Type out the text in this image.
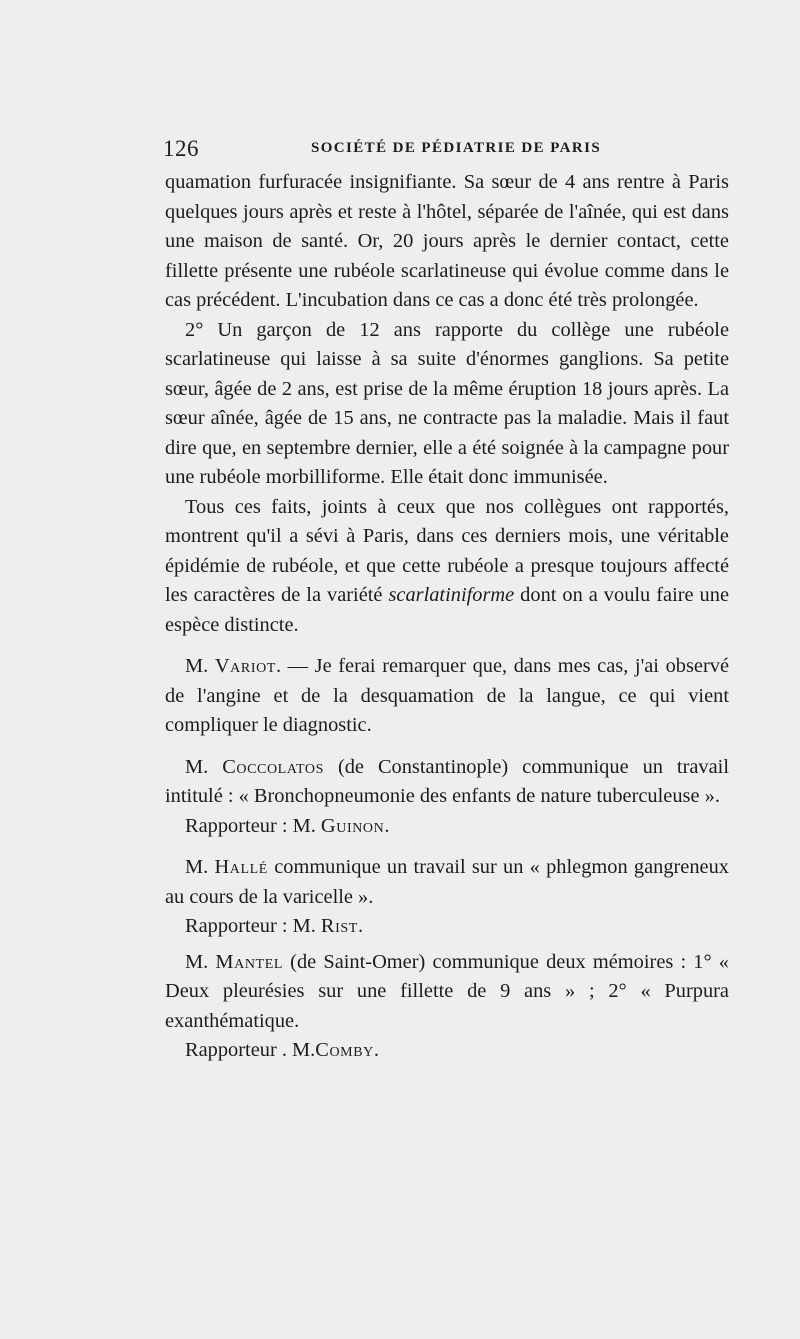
126	SOCIÉTÉ DE PÉDIATRIE DE PARIS

quamation furfuracée insignifiante. Sa sœur de 4 ans rentre à Paris quelques jours après et reste à l'hôtel, séparée de l'aînée, qui est dans une maison de santé. Or, 20 jours après le dernier contact, cette fillette présente une rubéole scarlatineuse qui évolue comme dans le cas précédent. L'incubation dans ce cas a donc été très prolongée.

2° Un garçon de 12 ans rapporte du collège une rubéole scarlatineuse qui laisse à sa suite d'énormes ganglions. Sa petite sœur, âgée de 2 ans, est prise de la même éruption 18 jours après. La sœur aînée, âgée de 15 ans, ne contracte pas la maladie. Mais il faut dire que, en septembre dernier, elle a été soignée à la campagne pour une rubéole morbilliforme. Elle était donc immunisée.

Tous ces faits, joints à ceux que nos collègues ont rapportés, montrent qu'il a sévi à Paris, dans ces derniers mois, une véritable épidémie de rubéole, et que cette rubéole a presque toujours affecté les caractères de la variété scarlatiniforme dont on a voulu faire une espèce distincte.

M. Variot. — Je ferai remarquer que, dans mes cas, j'ai observé de l'angine et de la desquamation de la langue, ce qui vient compliquer le diagnostic.

M. Coccolatos (de Constantinople) communique un travail intitulé : « Bronchopneumonie des enfants de nature tuberculeuse ».

Rapporteur : M. Guinon.

M. Hallé communique un travail sur un « phlegmon gangreneux au cours de la varicelle ».

Rapporteur : M. Rist.

M. Mantel (de Saint-Omer) communique deux mémoires : 1° « Deux pleurésies sur une fillette de 9 ans » ; 2° « Purpura exanthématique.

Rapporteur . M.Comby.
